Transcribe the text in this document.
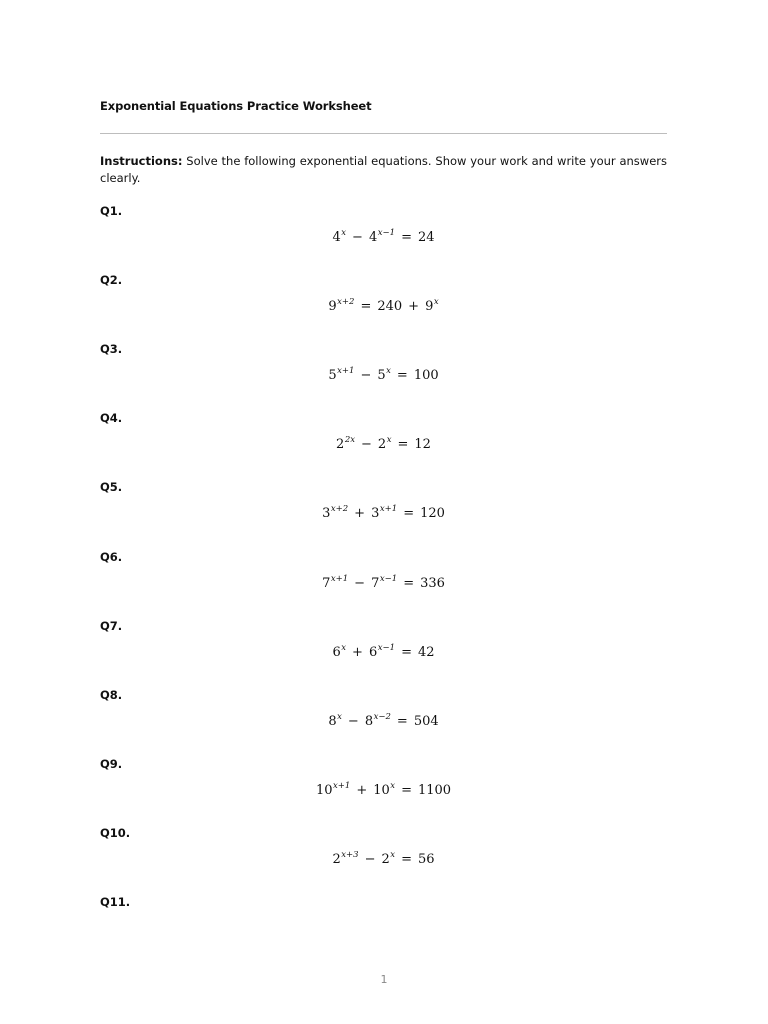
Exponential Equations Practice Worksheet
Instructions: Solve the following exponential equations. Show your work and write your answers clearly.
Q1.
$4^x - 4^{x-1} = 24$
Q2.
$9^{x+2} = 240 + 9^x$
Q3.
$5^{x+1} - 5^x = 100$
Q4.
$2^{2x} - 2^x = 12$
Q5.
$3^{x+2} + 3^{x+1} = 120$
Q6.
$7^{x+1} - 7^{x-1} = 336$
Q7.
$6^x + 6^{x-1} = 42$
Q8.
$8^x - 8^{x-2} = 504$
Q9.
$10^{x+1} + 10^x = 1100$
Q10.
$2^{x+3} - 2^x = 56$
Q11.
1
